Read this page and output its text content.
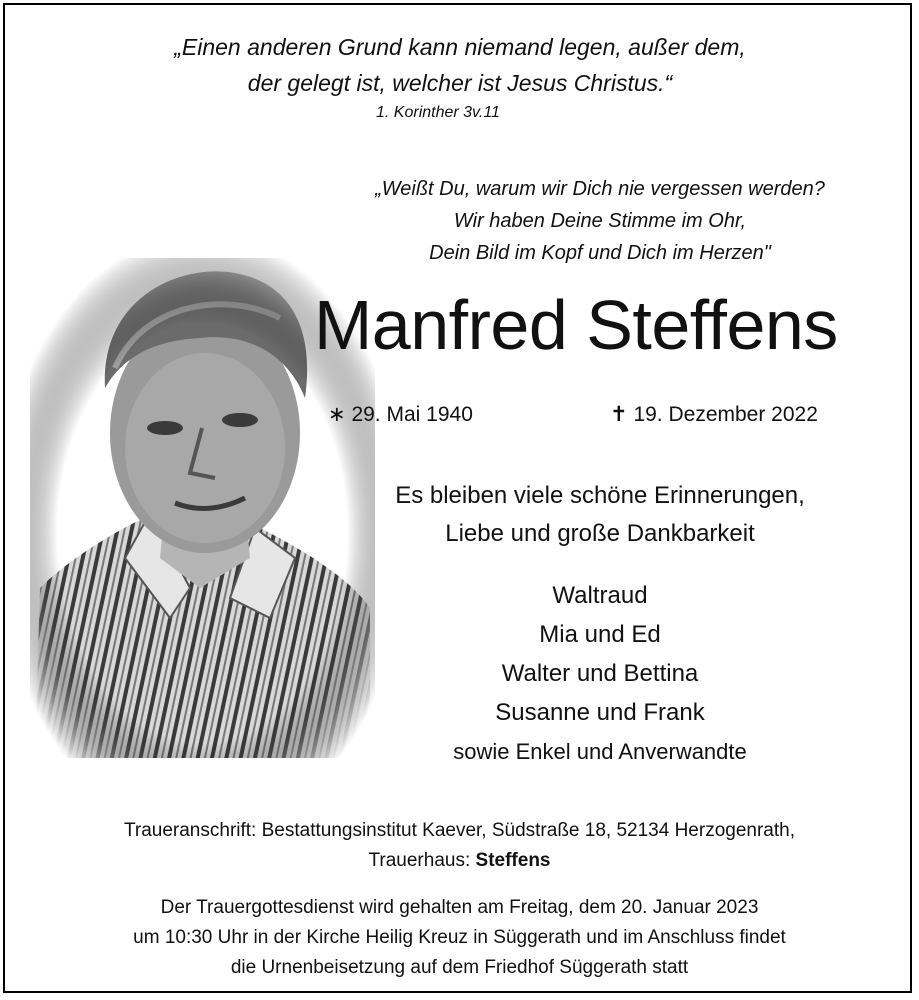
„Einen anderen Grund kann niemand legen, außer dem,
der gelegt ist, welcher ist Jesus Christus.“
1. Korinther 3v.11
„Weißt Du, warum wir Dich nie vergessen werden?
Wir haben Deine Stimme im Ohr,
Dein Bild im Kopf und Dich im Herzen"
Manfred Steffens
∗ 29. Mai 1940	✝ 19. Dezember 2022
Es bleiben viele schöne Erinnerungen,
Liebe und große Dankbarkeit
Waltraud
Mia und Ed
Walter und Bettina
Susanne und Frank
sowie Enkel und Anverwandte
Traueranschrift: Bestattungsinstitut Kaever, Südstraße 18, 52134 Herzogenrath,
Trauerhaus: Steffens
Der Trauergottesdienst wird gehalten am Freitag, dem 20. Januar 2023
um 10:30 Uhr in der Kirche Heilig Kreuz in Süggerath und im Anschluss findet
die Urnenbeisetzung auf dem Friedhof Süggerath statt
